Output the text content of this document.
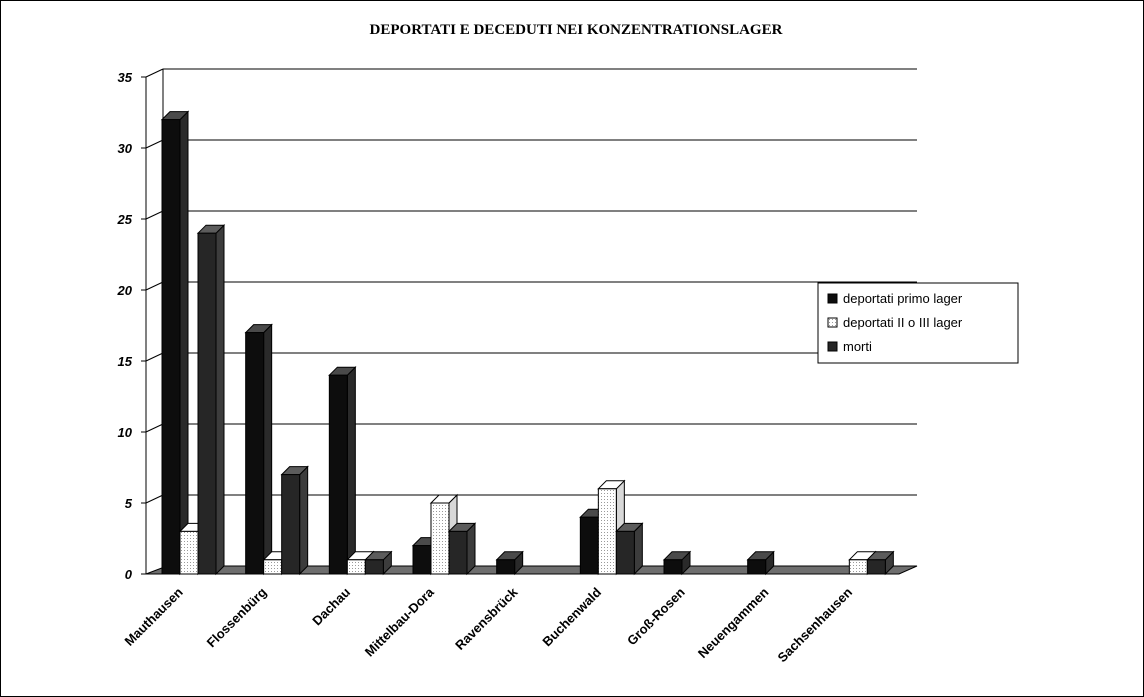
DEPORTATI E DECEDUTI NEI KONZENTRATIONSLAGER
0
5
10
15
20
25
30
35
Mauthausen Flossenbürg	Dachau Mittelbau-Dora Ravensbrück Buchenwald Groß-Rosen Neuengammen Sachsenhausen
deportati primo lager
deportati II o III lager
morti
